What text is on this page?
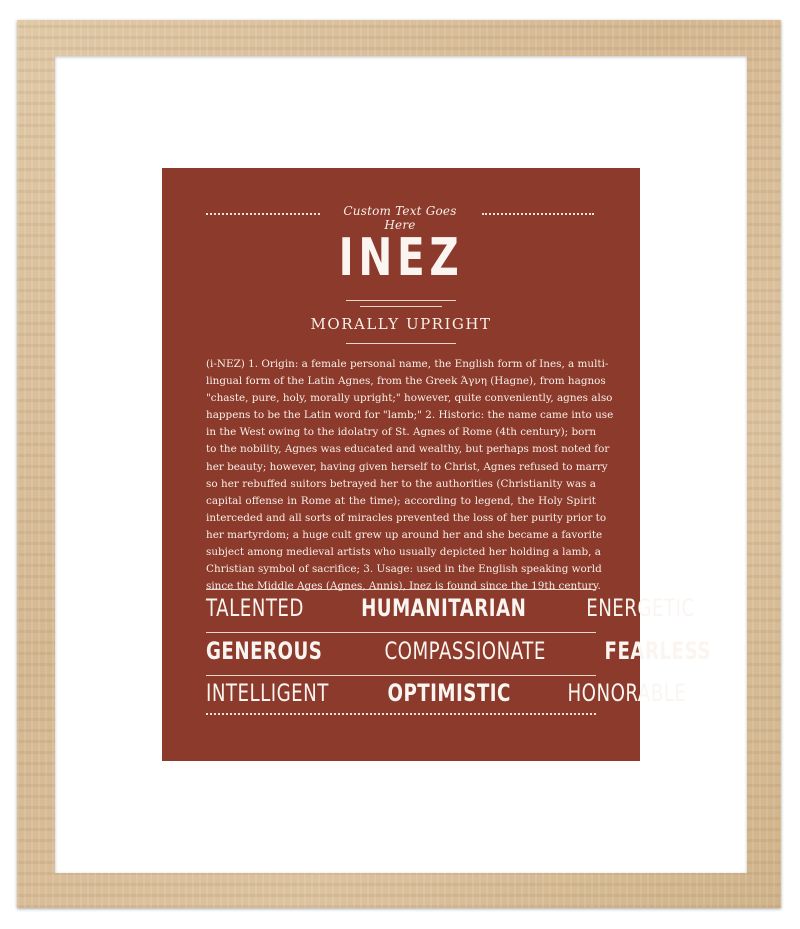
Custom Text Goes Here
INEZ
MORALLY UPRIGHT
(i-NEZ) 1. Origin: a female personal name, the English form of Ines, a multi-
lingual form of the Latin Agnes, from the Greek Άγνη (Hagne), from hagnos
"chaste, pure, holy, morally upright;" however, quite conveniently, agnes also
happens to be the Latin word for "lamb;" 2. Historic: the name came into use
in the West owing to the idolatry of St. Agnes of Rome (4th century); born
to the nobility, Agnes was educated and wealthy, but perhaps most noted for
her beauty; however, having given herself to Christ, Agnes refused to marry
so her rebuffed suitors betrayed her to the authorities (Christianity was a
capital offense in Rome at the time); according to legend, the Holy Spirit
interceded and all sorts of miracles prevented the loss of her purity prior to
her martyrdom; a huge cult grew up around her and she became a favorite
subject among medieval artists who usually depicted her holding a lamb, a
Christian symbol of sacrifice; 3. Usage: used in the English speaking world
since the Middle Ages (Agnes, Annis), Inez is found since the 19th century.
TALENTED HUMANITARIAN	ENERGETIC
GENEROUS	COMPASSIONATE FEARLESS
INTELLIGENT OPTIMISTIC HONORABLE
